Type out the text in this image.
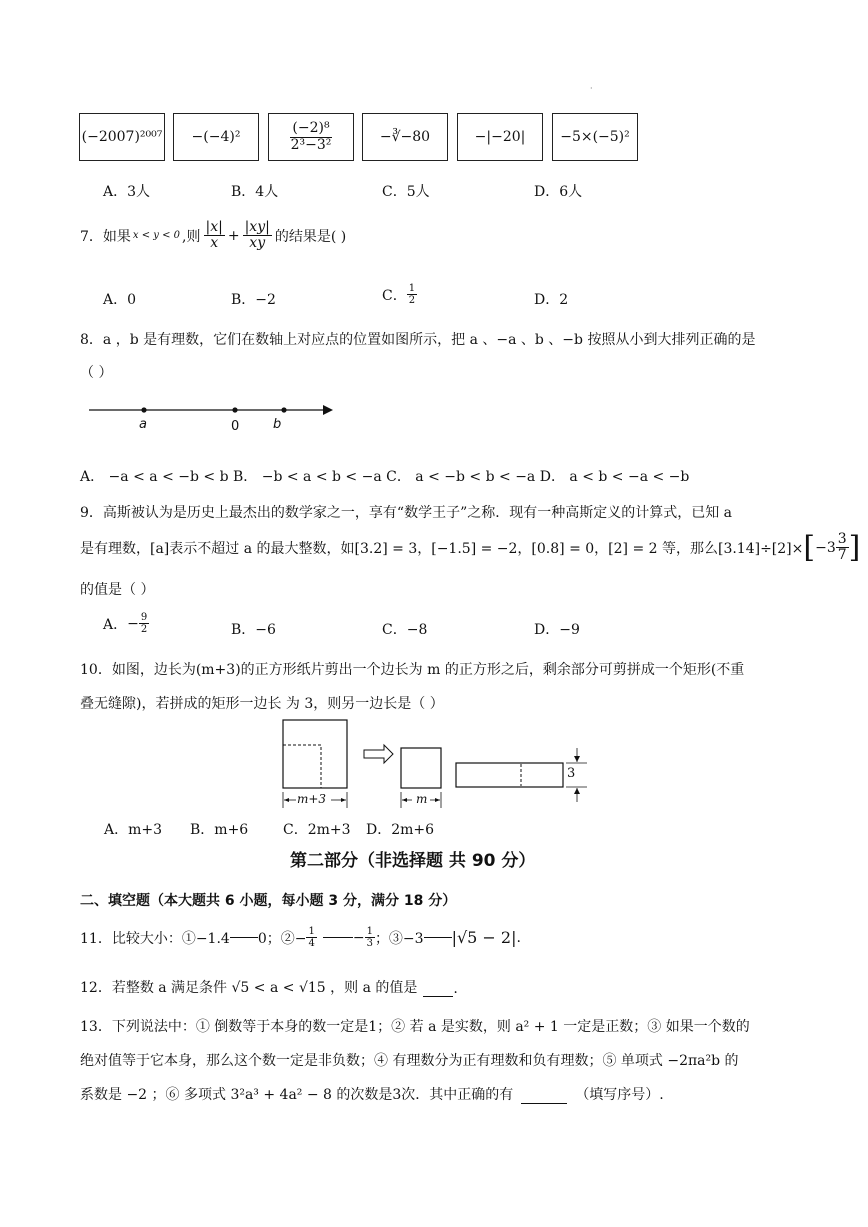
·
(−2007)²⁰⁰⁷ −(−4)²	$\frac{\text{(−2)⁸}}{\text{2³−3²}}$	−∛−80	−|−20| −5×(−5)²
A．3人	B．4人	C．5人	D．6人
7．如果 x < y < 0 ,则 $\frac{|x|}{x} + \frac{|xy|}{xy}$ 的结果是( )
A．0	B．−2	C． $\frac{1}{2}$	D．2
8．a ，b 是有理数，它们在数轴上对应点的位置如图所示，把 a 、−a 、b 、−b 按照从小到大排列正确的是
（ ）
a	0	b
A． −a < a < −b < b B． −b < a < b < −a C． a < −b < b < −a D． a < b < −a < −b
9．高斯被认为是历史上最杰出的数学家之一，享有“数学王子”之称．现有一种高斯定义的计算式，已知 a
是有理数，[a]表示不超过 a 的最大整数，如[3.2] = 3，[−1.5] = −2，[0.8] = 0，[2] = 2 等，那么[3.14]÷[2]× [ $-3 \frac{3}{7}$ ]
的值是（ ）
A． − $\frac{9}{2}$	B．−6	C．−8	D．−9
10．如图，边长为(m+3)的正方形纸片剪出一个边长为 m 的正方形之后，剩余部分可剪拼成一个矩形(不重
叠无缝隙)，若拼成的矩形一边长 为 3，则另一边长是（ ）
m+3	m
3
A．m+3 B．m+6 C．2m+3 D．2m+6
第二部分（非选择题 共 90 分）
二、填空题（本大题共 6 小题，每小题 3 分，满分 18 分）
11．比较大小：①−1.4 0；②− $\frac{1}{4}$	− $\frac{1}{3}$ ；③−3 |√5 − 2| .
12．若整数 a 满足条件 √5 < a < √15 ，则 a 的值是	.
13．下列说法中：① 倒数等于本身的数一定是1；② 若 a 是实数，则 a² + 1 一定是正数；③ 如果一个数的
绝对值等于它本身，那么这个数一定是非负数；④ 有理数分为正有理数和负有理数；⑤ 单项式 −2πa²b 的
系数是 −2 ；⑥ 多项式 3²a³ + 4a² − 8 的次数是3次．其中正确的有	（填写序号）.
